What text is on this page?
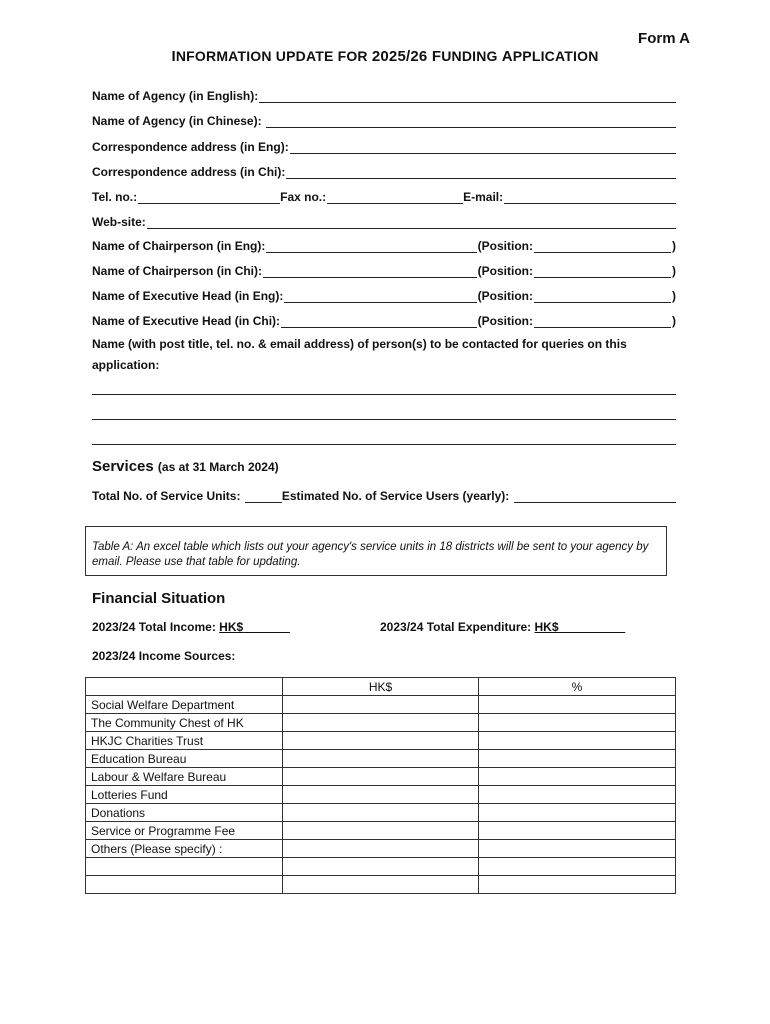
Form A
INFORMATION UPDATE FOR 2025/26 FUNDING APPLICATION
Name of Agency (in English):
Name of Agency (in Chinese):
Correspondence address (in Eng):
Correspondence address (in Chi):
Tel. no.:	Fax no.:	E-mail:
Web-site:
Name of Chairperson (in Eng):	(Position:	)
Name of Chairperson (in Chi):	(Position:	)
Name of Executive Head (in Eng):	(Position:	)
Name of Executive Head (in Chi):	(Position:	)
Name (with post title, tel. no. & email address) of person(s) to be contacted for queries on this application:
Services (as at 31 March 2024)
Total No. of Service Units:	Estimated No. of Service Users (yearly):
Table A: An excel table which lists out your agency's service units in 18 districts will be sent to your agency by email. Please use that table for updating.
Financial Situation
2023/24 Total Income: HK$	2023/24 Total Expenditure: HK$
2023/24 Income Sources:
	HK$	%
Social Welfare Department		
The Community Chest of HK		
HKJC Charities Trust		
Education Bureau		
Labour & Welfare Bureau		
Lotteries Fund		
Donations		
Service or Programme Fee		
Others (Please specify) :		
